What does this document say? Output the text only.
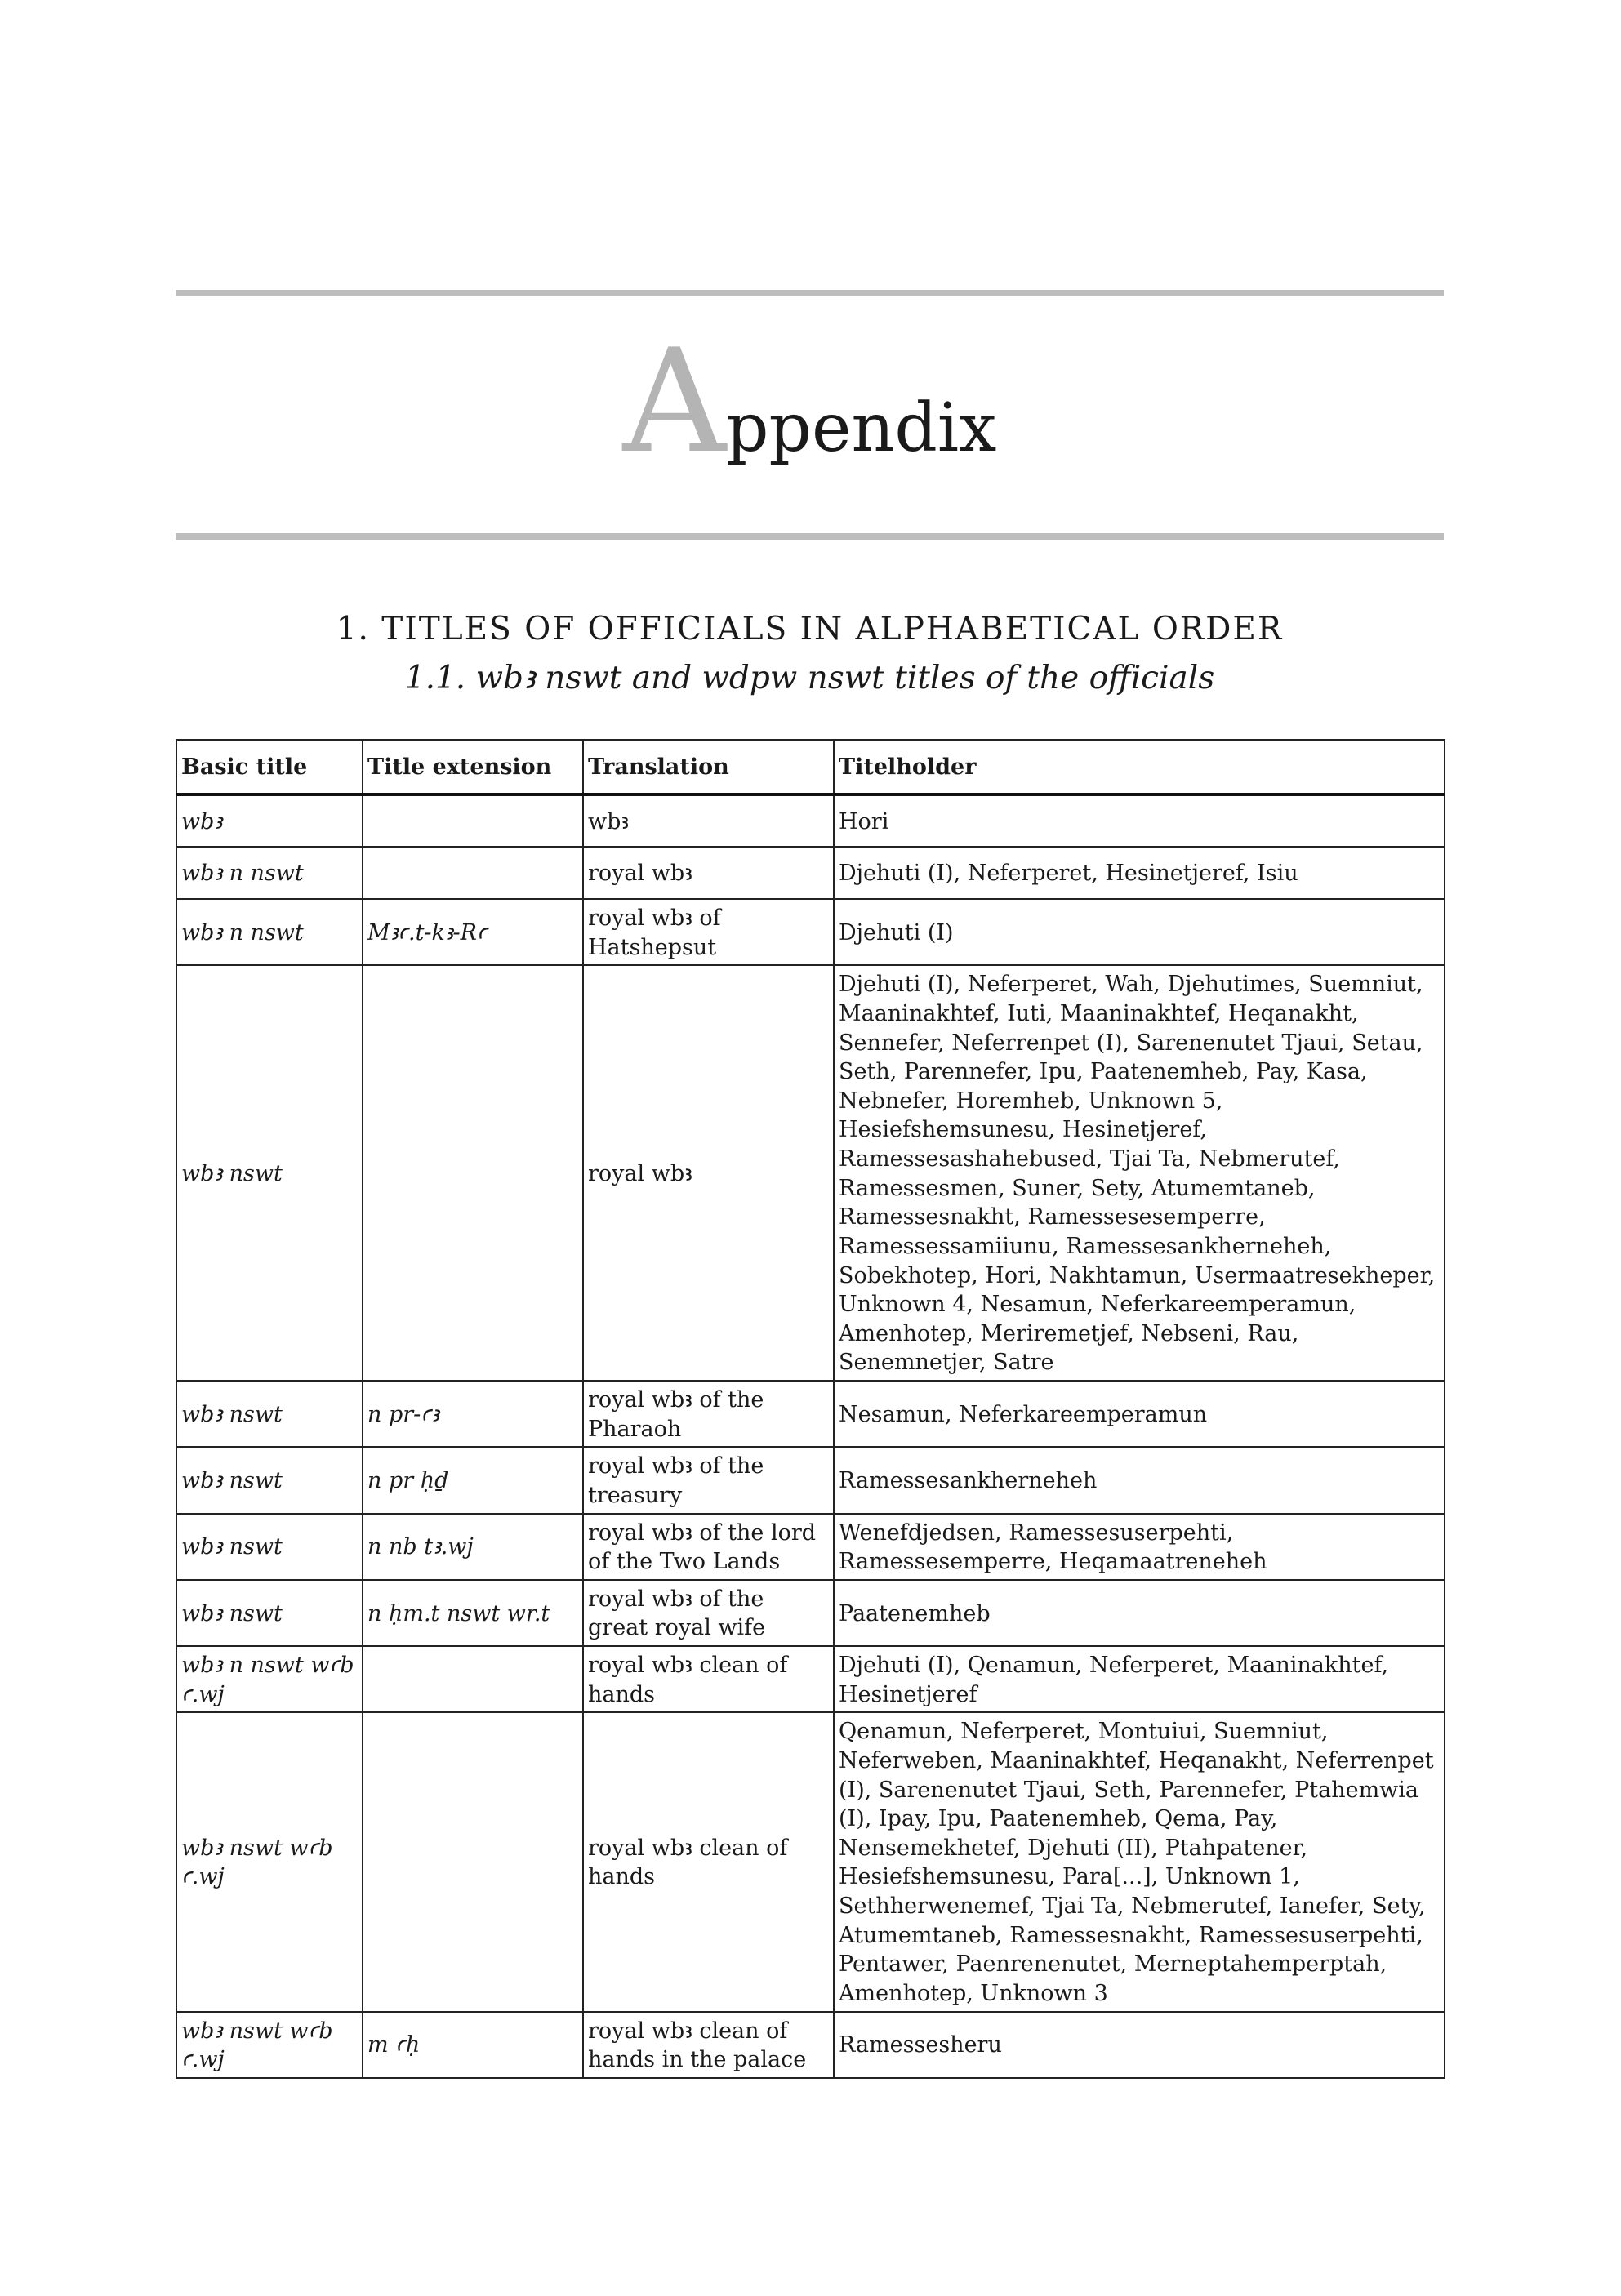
Appendix
1. TITLES OF OFFICIALS IN ALPHABETICAL ORDER
1.1. wbꜣ nswt and wdpw nswt titles of the officials
Basic title	Title extension	Translation	Titelholder
wbꜣ		wbꜣ	Hori
wbꜣ n nswt		royal wbꜣ	Djehuti (I), Neferperet, Hesinetjeref, Isiu
wbꜣ n nswt	Mꜣꜥ.t-kꜣ-Rꜥ	royal wbꜣ of Hatshepsut	Djehuti (I)
wbꜣ nswt		royal wbꜣ	Djehuti (I), Neferperet, Wah, Djehutimes, Suemniut, Maaninakhtef, Iuti, Maaninakhtef, Heqanakht, Sennefer, Neferrenpet (I), Sarenenutet Tjaui, Setau, Seth, Parennefer, Ipu, Paatenemheb, Pay, Kasa, Nebnefer, Horemheb, Unknown 5, Hesiefshemsunesu, Hesinetjeref, Ramessesashahebused, Tjai Ta, Nebmerutef, Ramessesmen, Suner, Sety, Atumemtaneb, Ramessesnakht, Ramessesesemperre, Ramessessamiiunu, Ramessesankherneheh, Sobekhotep, Hori, Nakhtamun, Usermaatresekheper, Unknown 4, Nesamun, Neferkareemperamun, Amenhotep, Meriremetjef, Nebseni, Rau, Senemnetjer, Satre
wbꜣ nswt	n pr-ꜥꜣ	royal wbꜣ of the Pharaoh	Nesamun, Neferkareemperamun
wbꜣ nswt	n pr ḥḏ	royal wbꜣ of the treasury	Ramessesankherneheh
wbꜣ nswt	n nb tꜣ.wj	royal wbꜣ of the lord of the Two Lands	Wenefdjedsen, Ramessesuserpehti, Ramessesemperre, Heqamaatreneheh
wbꜣ nswt	n ḥm.t nswt wr.t	royal wbꜣ of the great royal wife	Paatenemheb
wbꜣ n nswt wꜥb ꜥ.wj		royal wbꜣ clean of hands	Djehuti (I), Qenamun, Neferperet, Maaninakhtef, Hesinetjeref
wbꜣ nswt wꜥb ꜥ.wj		royal wbꜣ clean of hands	Qenamun, Neferperet, Montuiui, Suemniut, Neferweben, Maaninakhtef, Heqanakht, Neferrenpet (I), Sarenenutet Tjaui, Seth, Parennefer, Ptahemwia (I), Ipay, Ipu, Paatenemheb, Qema, Pay, Nensemekhetef, Djehuti (II), Ptahpatener, Hesiefshemsunesu, Para[...], Unknown 1, Sethherwenemef, Tjai Ta, Nebmerutef, Ianefer, Sety, Atumemtaneb, Ramessesnakht, Ramessesuserpehti, Pentawer, Paenrenenutet, Merneptahemperptah, Amenhotep, Unknown 3
wbꜣ nswt wꜥb ꜥ.wj	m ꜥḥ	royal wbꜣ clean of hands in the palace	Ramessesheru
